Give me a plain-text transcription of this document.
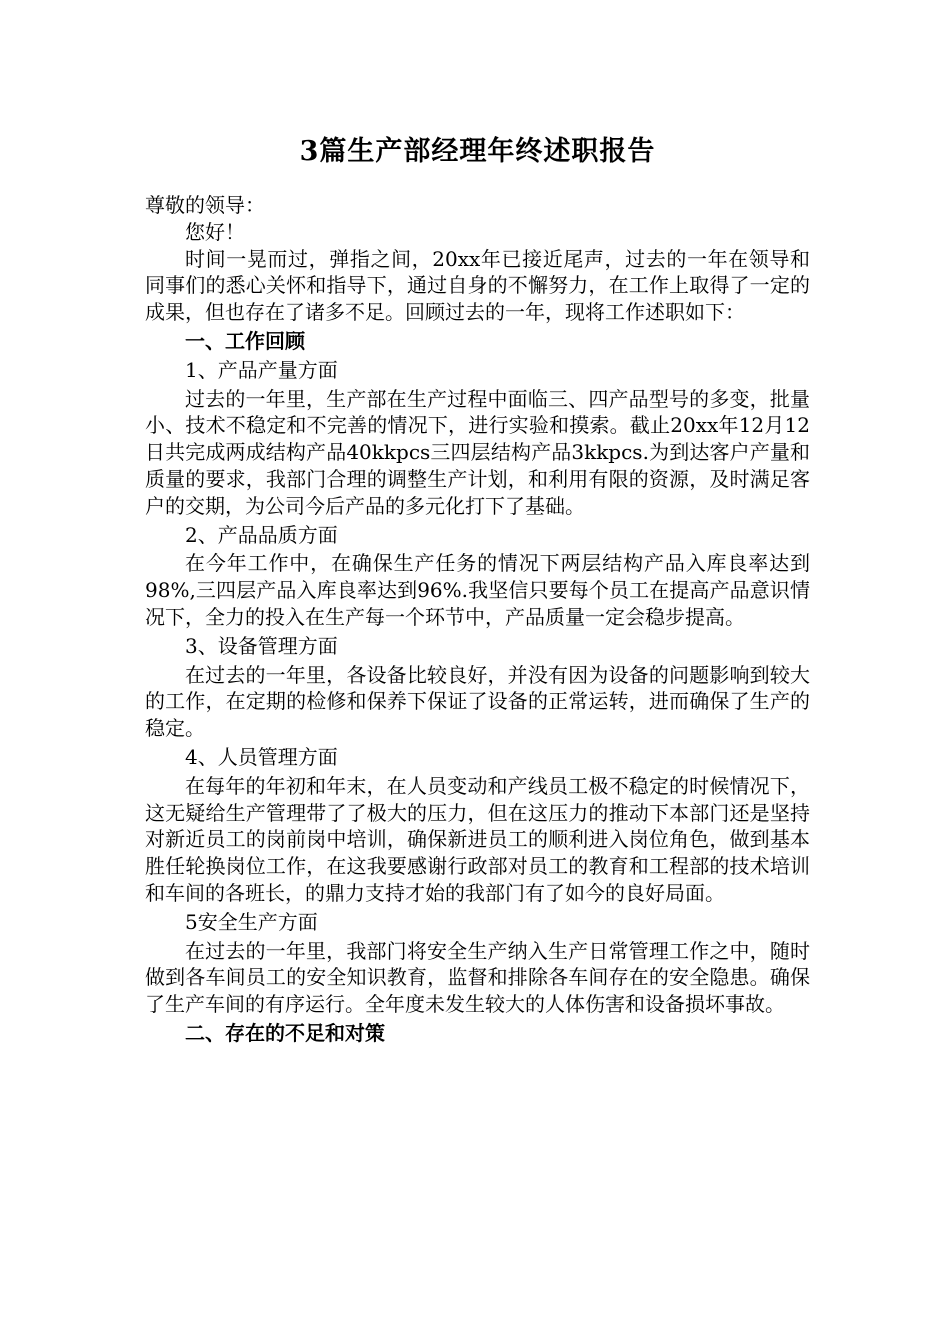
3篇生产部经理年终述职报告

尊敬的领导：

您好！

时间一晃而过，弹指之间，20xx年已接近尾声，过去的一年在领导和同事们的悉心关怀和指导下，通过自身的不懈努力，在工作上取得了一定的成果，但也存在了诸多不足。回顾过去的一年，现将工作述职如下：

一、工作回顾

1、产品产量方面

过去的一年里，生产部在生产过程中面临三、四产品型号的多变，批量小、技术不稳定和不完善的情况下，进行实验和摸索。截止20xx年12月12日共完成两成结构产品40kkpcs三四层结构产品3kkpcs.为到达客户产量和质量的要求，我部门合理的调整生产计划，和利用有限的资源，及时满足客户的交期，为公司今后产品的多元化打下了基础。

2、产品品质方面

在今年工作中，在确保生产任务的情况下两层结构产品入库良率达到98%,三四层产品入库良率达到96%.我坚信只要每个员工在提高产品意识情况下，全力的投入在生产每一个环节中，产品质量一定会稳步提高。

3、设备管理方面

在过去的一年里，各设备比较良好，并没有因为设备的问题影响到较大的工作，在定期的检修和保养下保证了设备的正常运转，进而确保了生产的稳定。

4、人员管理方面

在每年的年初和年末，在人员变动和产线员工极不稳定的时候情况下，这无疑给生产管理带了了极大的压力，但在这压力的推动下本部门还是坚持对新近员工的岗前岗中培训，确保新进员工的顺利进入岗位角色，做到基本胜任轮换岗位工作，在这我要感谢行政部对员工的教育和工程部的技术培训和车间的各班长，的鼎力支持才始的我部门有了如今的良好局面。

5安全生产方面

在过去的一年里，我部门将安全生产纳入生产日常管理工作之中，随时做到各车间员工的安全知识教育，监督和排除各车间存在的安全隐患。确保了生产车间的有序运行。全年度未发生较大的人体伤害和设备损坏事故。

二、存在的不足和对策
